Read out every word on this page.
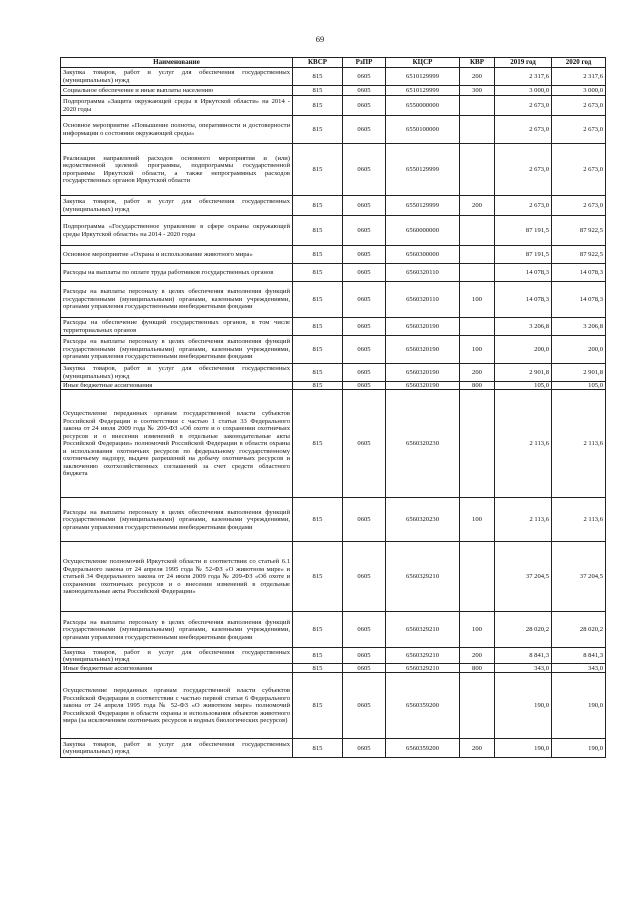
69
Наименование	КВСР	РзПР	КЦСР	КВР	2019 год	2020 год
Закупка товаров, работ и услуг для обеспечения государственных (муниципальных) нужд	815	0605	6510129999	200	2 317,6	2 317,6
Социальное обеспечение и иные выплаты населению	815	0605	6510129999	300	3 000,0	3 000,0
Подпрограмма «Защита окружающей среды в Иркутской области» на 2014 - 2020 годы	815	0605	6550000000		2 673,0	2 673,0
Основное мероприятие «Повышение полноты, оперативности и достоверности информации о состоянии окружающей среды»	815	0605	6550100000		2 673,0	2 673,0
Реализация направлений расходов основного мероприятия и (или) ведомственной целевой программы, подпрограммы государственной программы Иркутской области, а также непрограммных расходов государственных органов Иркутской области	815	0605	6550129999		2 673,0	2 673,0
Закупка товаров, работ и услуг для обеспечения государственных (муниципальных) нужд	815	0605	6550129999	200	2 673,0	2 673,0
Подпрограмма «Государственное управление в сфере охраны окружающей среды Иркутской области» на 2014 - 2020 годы	815	0605	6560000000		87 191,5	87 922,5
Основное мероприятие «Охрана и использование животного мира»	815	0605	6560300000		87 191,5	87 922,5
Расходы на выплаты по оплате труда работников государственных органов	815	0605	6560320110		14 078,3	14 078,3
Расходы на выплаты персоналу в целях обеспечения выполнения функций государственными (муниципальными) органами, казенными учреждениями, органами управления государственными внебюджетными фондами	815	0605	6560320110	100	14 078,3	14 078,3
Расходы на обеспечение функций государственных органов, в том числе территориальных органов	815	0605	6560320190		3 206,8	3 206,8
Расходы на выплаты персоналу в целях обеспечения выполнения функций государственными (муниципальными) органами, казенными учреждениями, органами управления государственными внебюджетными фондами	815	0605	6560320190	100	200,0	200,0
Закупка товаров, работ и услуг для обеспечения государственных (муниципальных) нужд	815	0605	6560320190	200	2 901,8	2 901,8
Иные бюджетные ассигнования	815	0605	6560320190	800	105,0	105,0
Осуществление переданных органам государственной власти субъектов Российской Федерации в соответствии с частью 1 статьи 33 Федерального закона от 24 июля 2009 года № 209-ФЗ «Об охоте и о сохранении охотничьих ресурсов и о внесении изменений в отдельные законодательные акты Российской Федерации» полномочий Российской Федерации в области охраны и использования охотничьих ресурсов по федеральному государственному охотничьему надзору, выдаче разрешений на добычу охотничьих ресурсов и заключению охотхозяйственных соглашений за счет средств областного бюджета	815	0605	6560320230		2 113,6	2 113,6
Расходы на выплаты персоналу в целях обеспечения выполнения функций государственными (муниципальными) органами, казенными учреждениями, органами управления государственными внебюджетными фондами	815	0605	6560320230	100	2 113,6	2 113,6
Осуществление полномочий Иркутской области в соответствии со статьей 6.1 Федерального закона от 24 апреля 1995 года № 52-ФЗ «О животном мире» и статьей 34 Федерального закона от 24 июля 2009 года № 209-ФЗ «Об охоте и сохранении охотничьих ресурсов и о внесении изменений в отдельные законодательные акты Российской Федерации»	815	0605	6560329210		37 204,5	37 204,5
Расходы на выплаты персоналу в целях обеспечения выполнения функций государственными (муниципальными) органами, казенными учреждениями, органами управления государственными внебюджетными фондами	815	0605	6560329210	100	28 020,2	28 020,2
Закупка товаров, работ и услуг для обеспечения государственных (муниципальных) нужд	815	0605	6560329210	200	8 841,3	8 841,3
Иные бюджетные ассигнования	815	0605	6560329210	800	343,0	343,0
Осуществление переданных органам государственной власти субъектов Российской Федерации в соответствии с частью первой статьи 6 Федерального закона от 24 апреля 1995 года № 52-ФЗ «О животном мире» полномочий Российской Федерации в области охраны и использования объектов животного мира (за исключением охотничьих ресурсов и водных биологических ресурсов)	815	0605	6560359200		190,0	190,0
Закупка товаров, работ и услуг для обеспечения государственных (муниципальных) нужд	815	0605	6560359200	200	190,0	190,0
